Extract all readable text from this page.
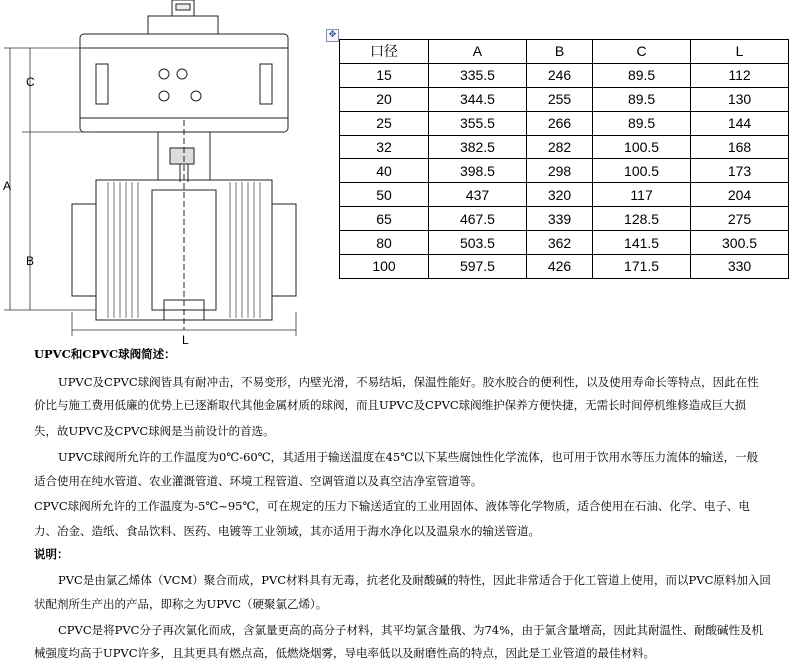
C
A
B
L
✥
口径	A	B	C	L
15	335.5	246	89.5	112
20	344.5	255	89.5	130
25	355.5	266	89.5	144
32	382.5	282	100.5	168
40	398.5	298	100.5	173
50	437	320	117	204
65	467.5	339	128.5	275
80	503.5	362	141.5	300.5
100	597.5	426	171.5	330
UPVC和CPVC球阀简述：
UPVC及CPVC球阀皆具有耐冲击，不易变形，内壁光滑，不易结垢，保温性能好。胶水胶合的便利性，以及使用寿命长等特点，因此在性
价比与施工费用低廉的优势上已逐渐取代其他金属材质的球阀，而且UPVC及CPVC球阀维护保养方便快捷，无需长时间停机维修造成巨大损
失，故UPVC及CPVC球阀是当前设计的首选。
UPVC球阀所允许的工作温度为0℃-60℃，其适用于输送温度在45℃以下某些腐蚀性化学流体，也可用于饮用水等压力流体的输送，一般
适合使用在纯水管道、农业灌溉管道、环境工程管道、空调管道以及真空洁净室管道等。
CPVC球阀所允许的工作温度为-5℃~95℃，可在规定的压力下输送适宜的工业用固体、液体等化学物质，适合使用在石油、化学、电子、电
力、冶金、造纸、食品饮料、医药、电镀等工业领域，其亦适用于海水净化以及温泉水的输送管道。
说明：
PVC是由氯乙烯体（VCM）聚合而成，PVC材料具有无毒，抗老化及耐酸碱的特性，因此非常适合于化工管道上使用，而以PVC原料加入回
状配剂所生产出的产品，即称之为UPVC（硬聚氯乙烯）。
CPVC是将PVC分子再次氯化而成，含氯量更高的高分子材料，其平均氯含量俄、为74%，由于氯含量增高，因此其耐温性、耐酸碱性及机
械强度均高于UPVC许多，且其更具有燃点高，低燃烧烟雾，导电率低以及耐磨性高的特点，因此是工业管道的最佳材料。
